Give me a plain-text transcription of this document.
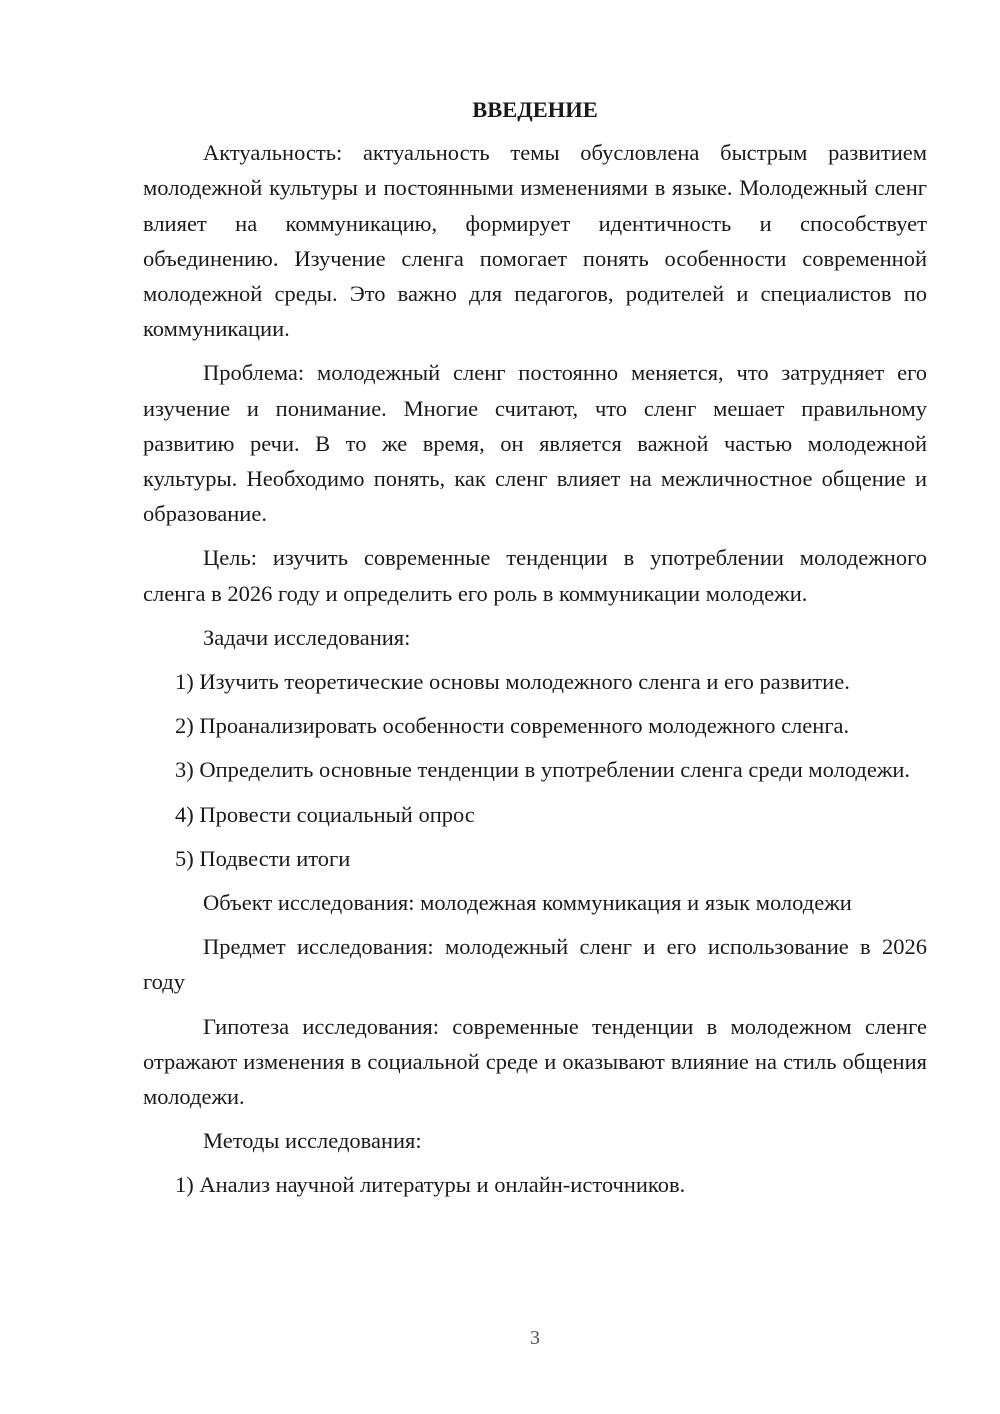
ВВЕДЕНИЕ

Актуальность: актуальность темы обусловлена быстрым развитием молодежной культуры и постоянными изменениями в языке. Молодежный сленг влияет на коммуникацию, формирует идентичность и способствует объединению. Изучение сленга помогает понять особенности современной молодежной среды. Это важно для педагогов, родителей и специалистов по коммуникации.

Проблема: молодежный сленг постоянно меняется, что затрудняет его изучение и понимание. Многие считают, что сленг мешает правильному развитию речи. В то же время, он является важной частью молодежной культуры. Необходимо понять, как сленг влияет на межличностное общение и образование.

Цель: изучить современные тенденции в употреблении молодежного сленга в 2026 году и определить его роль в коммуникации молодежи.

Задачи исследования:

1) Изучить теоретические основы молодежного сленга и его развитие.

2) Проанализировать особенности современного молодежного сленга.

3) Определить основные тенденции в употреблении сленга среди молодежи.

4) Провести социальный опрос

5) Подвести итоги

Объект исследования: молодежная коммуникация и язык молодежи

Предмет исследования: молодежный сленг и его использование в 2026 году

Гипотеза исследования: современные тенденции в молодежном сленге отражают изменения в социальной среде и оказывают влияние на стиль общения молодежи.

Методы исследования:

1) Анализ научной литературы и онлайн-источников.

3
